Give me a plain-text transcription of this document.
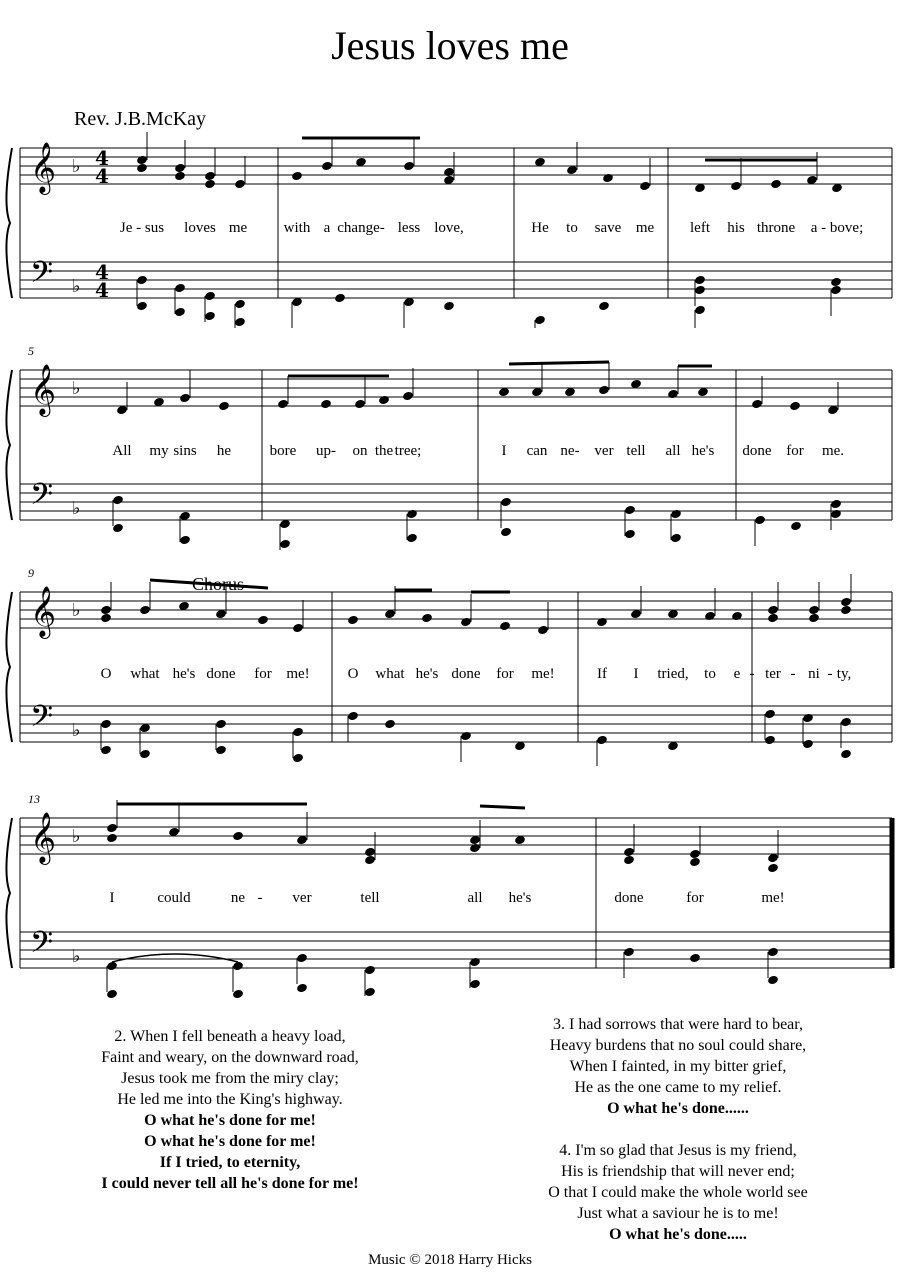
Jesus loves me
Rev. J.B.McKay
𝄞
𝄢
♭
♭
4
4
4
4
Je - sus loves me with a change- less love,	He to save me left his throne a - bove;
𝄞
𝄢
♭
♭
5
All my sins he	bore up- on the tree;	I can ne- ver tell all he's done for me.
𝄞
𝄢
♭
♭
9
O what he's done for me!	O what he's done for me!	If I tried, to e - ter - ni - ty,
𝄞
𝄢
♭
♭
13
I	could	ne - ver	tell	all he's	done	for	me!
Chorus
2. When I fell beneath a heavy load,
Faint and weary, on the downward road,
Jesus took me from the miry clay;
He led me into the King's highway.
O what he's done for me!
O what he's done for me!
If I tried, to eternity,
I could never tell all he's done for me!
3. I had sorrows that were hard to bear,
Heavy burdens that no soul could share,
When I fainted, in my bitter grief,
He as the one came to my relief.
O what he's done......

4. I'm so glad that Jesus is my friend,
His is friendship that will never end;
O that I could make the whole world see
Just what a saviour he is to me!
O what he's done.....
Music © 2018 Harry Hicks
